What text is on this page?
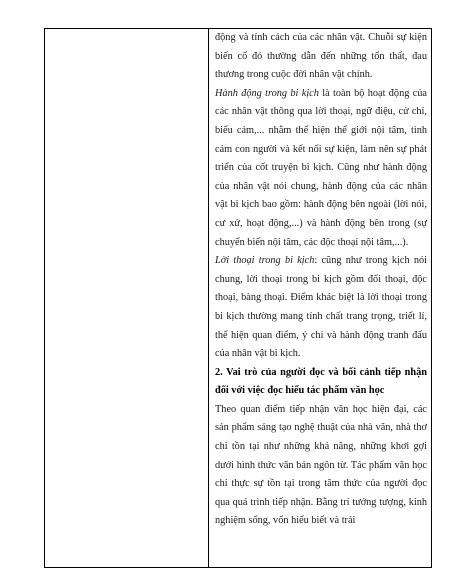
động và tính cách của các nhân vật. Chuỗi sự kiện biến cố đó thường dẫn đến những tổn thất, đau thương trong cuộc đời nhân vật chính.

Hành động trong bi kịch là toàn bộ hoạt động của các nhân vật thông qua lời thoại, ngữ điệu, cử chỉ, biểu cảm,... nhằm thể hiện thế giới nội tâm, tình cảm con người và kết nối sự kiện, làm nên sự phát triển của cốt truyện bi kịch. Cũng như hành động của nhân vật nói chung, hành động của các nhân vật bi kịch bao gồm: hành động bên ngoài (lời nói, cư xử, hoạt động,...) và hành động bên trong (sự chuyển biến nội tâm, các độc thoại nội tâm,...).

Lời thoại trong bi kịch: cũng như trong kịch nói chung, lời thoại trong bi kịch gồm đối thoại, độc thoại, bàng thoại. Điểm khác biệt là lời thoại trong bi kịch thường mang tính chất trang trọng, triết lí, thể hiện quan điểm, ý chí và hành động tranh đấu của nhân vật bi kịch.

2. Vai trò của người đọc và bối cảnh tiếp nhận đối với việc đọc hiểu tác phẩm văn học

Theo quan điểm tiếp nhận văn học hiện đại, các sản phẩm sáng tạo nghệ thuật của nhà văn, nhà thơ chỉ tồn tại như những khả năng, những khơi gợi dưới hình thức văn bản ngôn từ. Tác phẩm văn học chỉ thực sự tồn tại trong tâm thức của người đọc qua quá trình tiếp nhận. Bằng trí tưởng tượng, kinh nghiệm sống, vốn hiểu biết và trải
